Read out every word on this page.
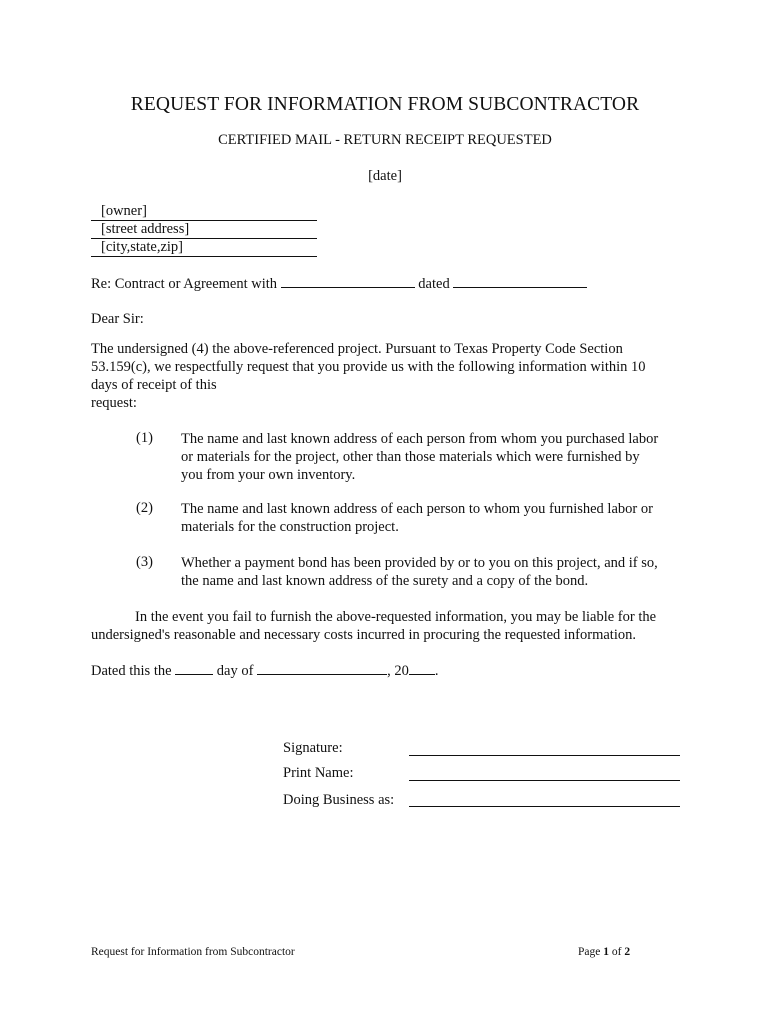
REQUEST FOR INFORMATION FROM SUBCONTRACTOR
CERTIFIED MAIL - RETURN RECEIPT REQUESTED
[date]
[owner]
[street address]
[city,state,zip]
Re: Contract or Agreement with	dated
Dear Sir:
The undersigned (4) the above-referenced project. Pursuant to Texas Property Code Section
53.159(c), we respectfully request that you provide us with the following information within 10
days of receipt of this
request:
(1) The name and last known address of each person from whom you purchased labor
or materials for the project, other than those materials which were furnished by
you from your own inventory.
(2) The name and last known address of each person to whom you furnished labor or
materials for the construction project.
(3) Whether a payment bond has been provided by or to you on this project, and if so,
the name and last known address of the surety and a copy of the bond.
In the event you fail to furnish the above-requested information, you may be liable for the
undersigned's reasonable and necessary costs incurred in procuring the requested information.
Dated this the	day of	, 20 .
Signature:
Print Name:
Doing Business as:
Request for Information from Subcontractor	Page 1 of 2
